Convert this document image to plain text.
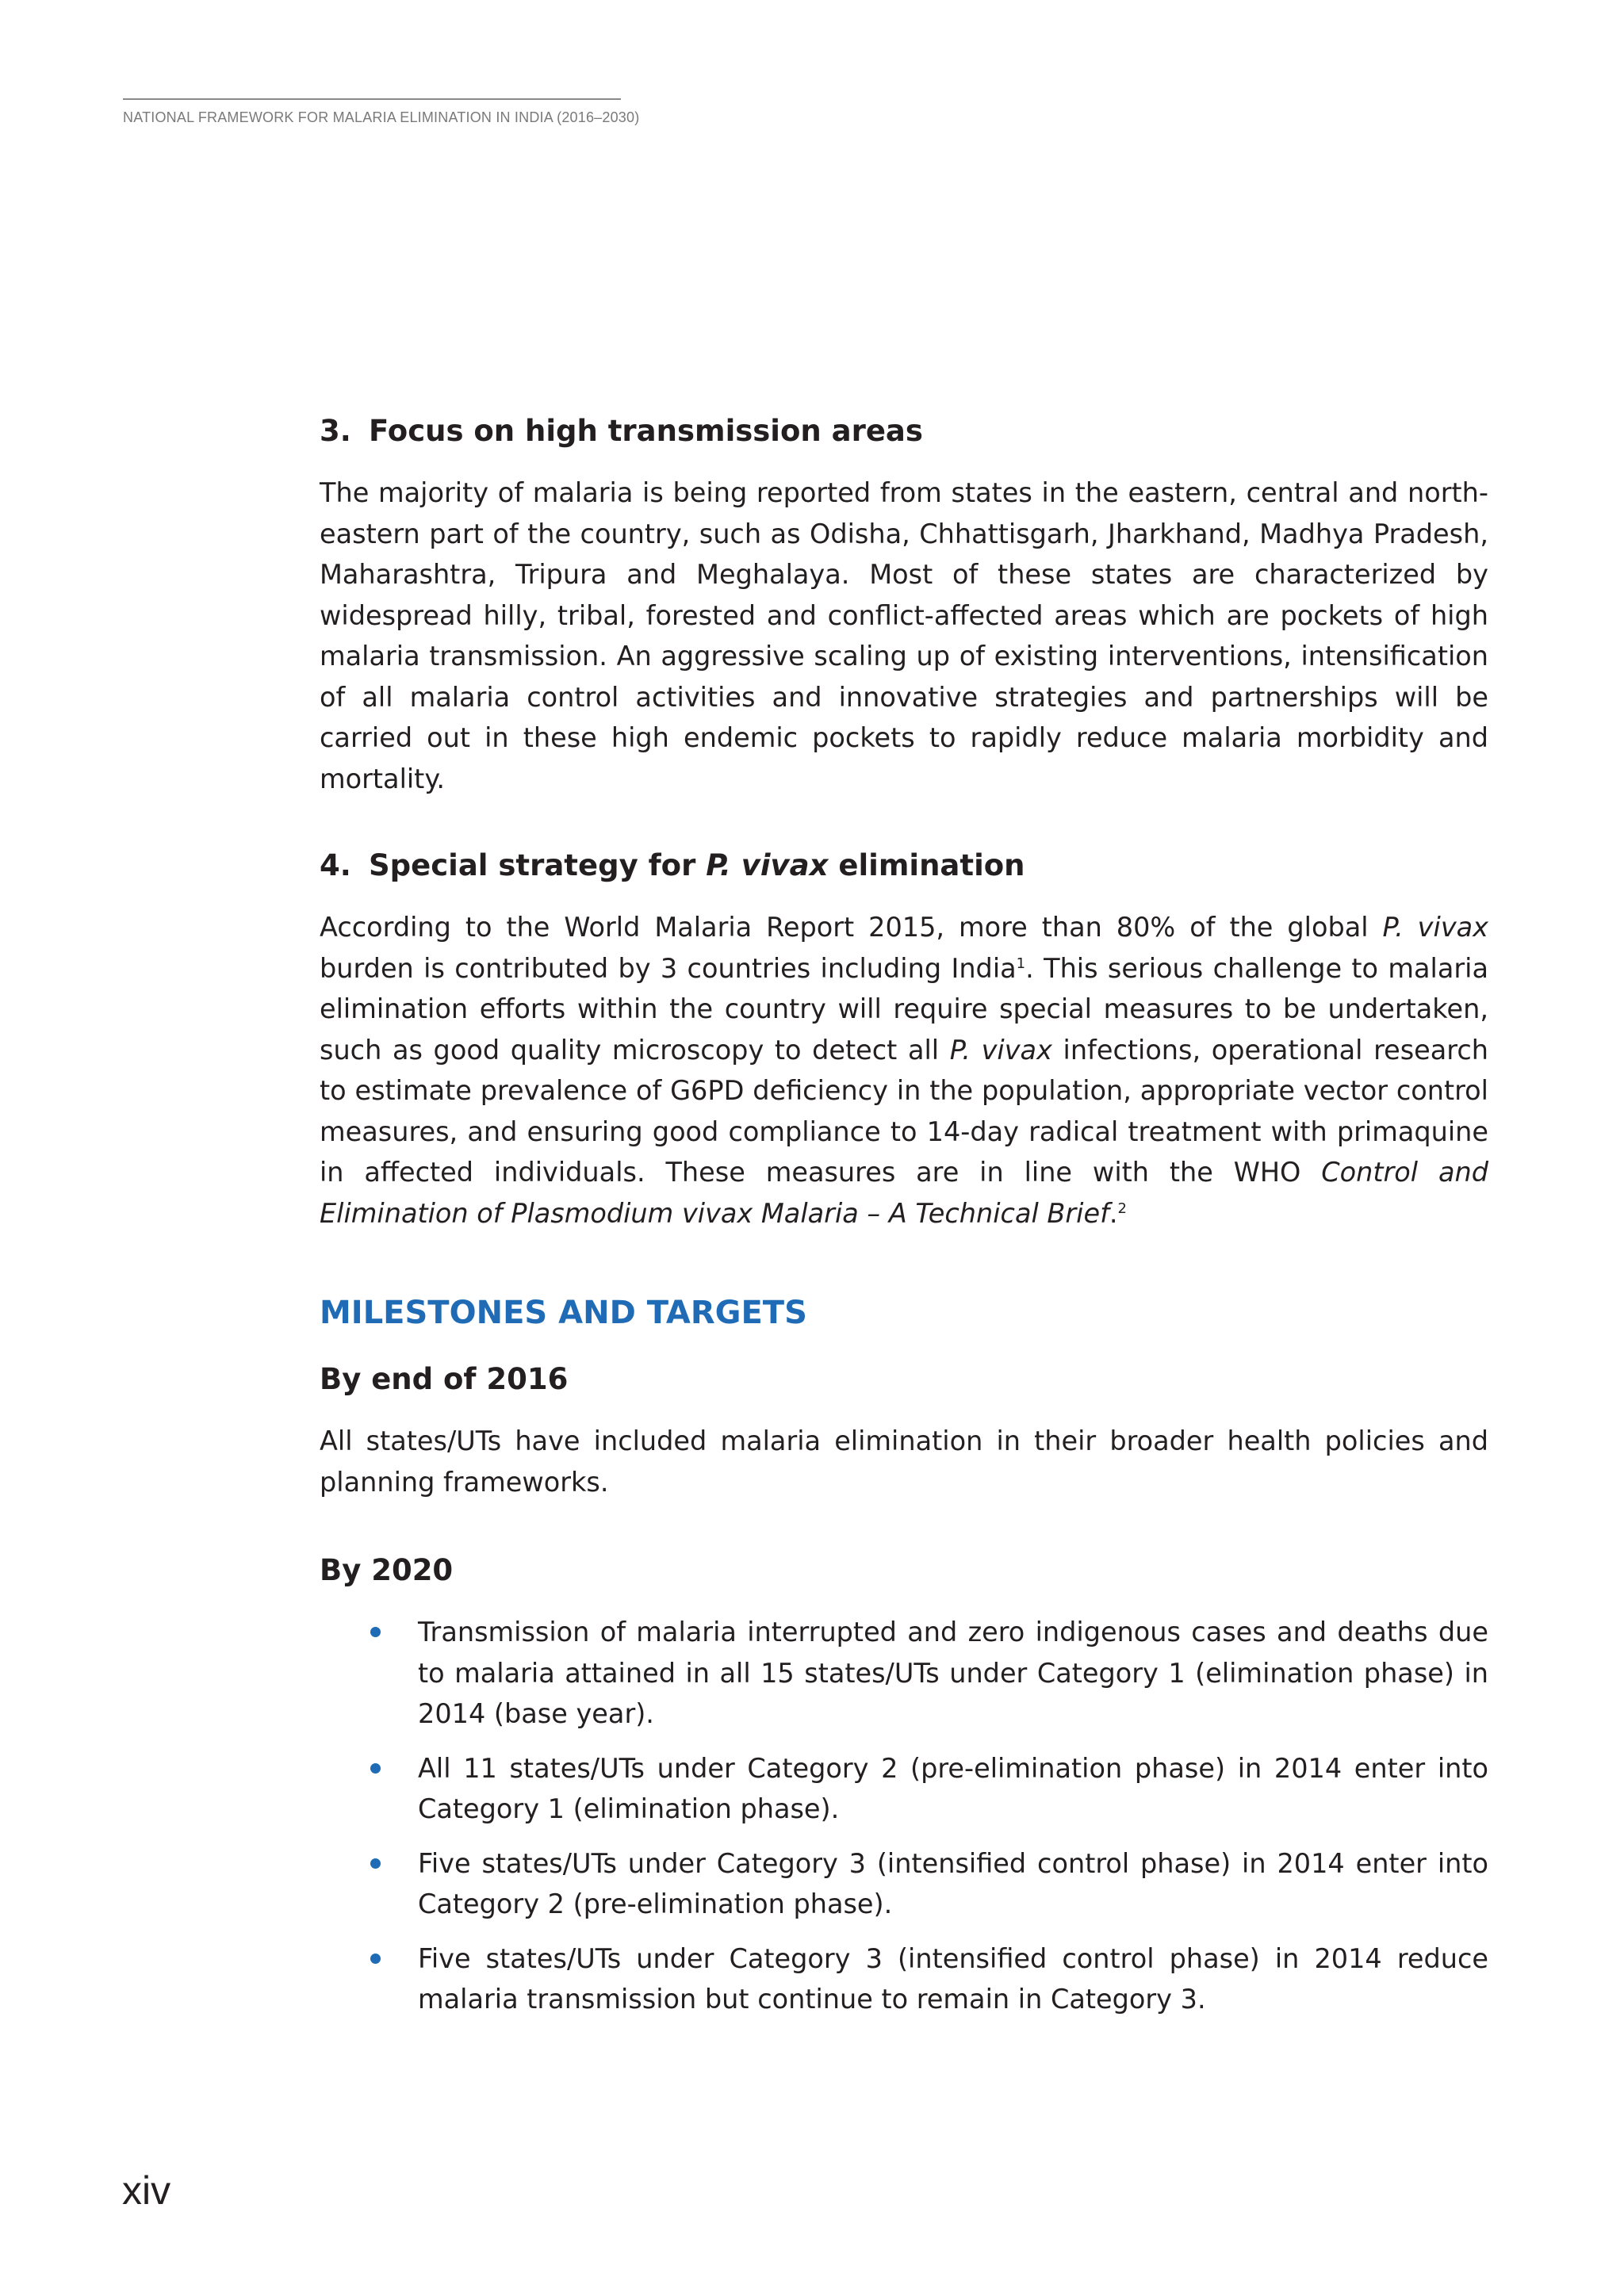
NATIONAL FRAMEWORK FOR MALARIA ELIMINATION IN INDIA (2016–2030)
3. Focus on high transmission areas

The majority of malaria is being reported from states in the eastern, central and north-eastern part of the country, such as Odisha, Chhattisgarh, Jharkhand, Madhya Pradesh, Maharashtra, Tripura and Meghalaya. Most of these states are characterized by widespread hilly, tribal, forested and conflict-affected areas which are pockets of high malaria transmission. An aggressive scaling up of existing interventions, intensification of all malaria control activities and innovative strategies and partnerships will be carried out in these high endemic pockets to rapidly reduce malaria morbidity and mortality.

4. Special strategy for P. vivax elimination

According to the World Malaria Report 2015, more than 80% of the global P. vivax burden is contributed by 3 countries including India$^1$. This serious challenge to malaria elimination efforts within the country will require special measures to be undertaken, such as good quality microscopy to detect all P. vivax infections, operational research to estimate prevalence of G6PD deficiency in the population, appropriate vector control measures, and ensuring good compliance to 14-day radical treatment with primaquine in affected individuals. These measures are in line with the WHO Control and Elimination of Plasmodium vivax Malaria – A Technical Brief.$^2$

MILESTONES AND TARGETS
By end of 2016

All states/UTs have included malaria elimination in their broader health policies and planning frameworks.

By 2020

Transmission of malaria interrupted and zero indigenous cases and deaths due to malaria attained in all 15 states/UTs under Category 1 (elimination phase) in 2014 (base year).

All 11 states/UTs under Category 2 (pre-elimination phase) in 2014 enter into Category 1 (elimination phase).

Five states/UTs under Category 3 (intensified control phase) in 2014 enter into Category 2 (pre-elimination phase).

Five states/UTs under Category 3 (intensified control phase) in 2014 reduce malaria transmission but continue to remain in Category 3.

xiv
